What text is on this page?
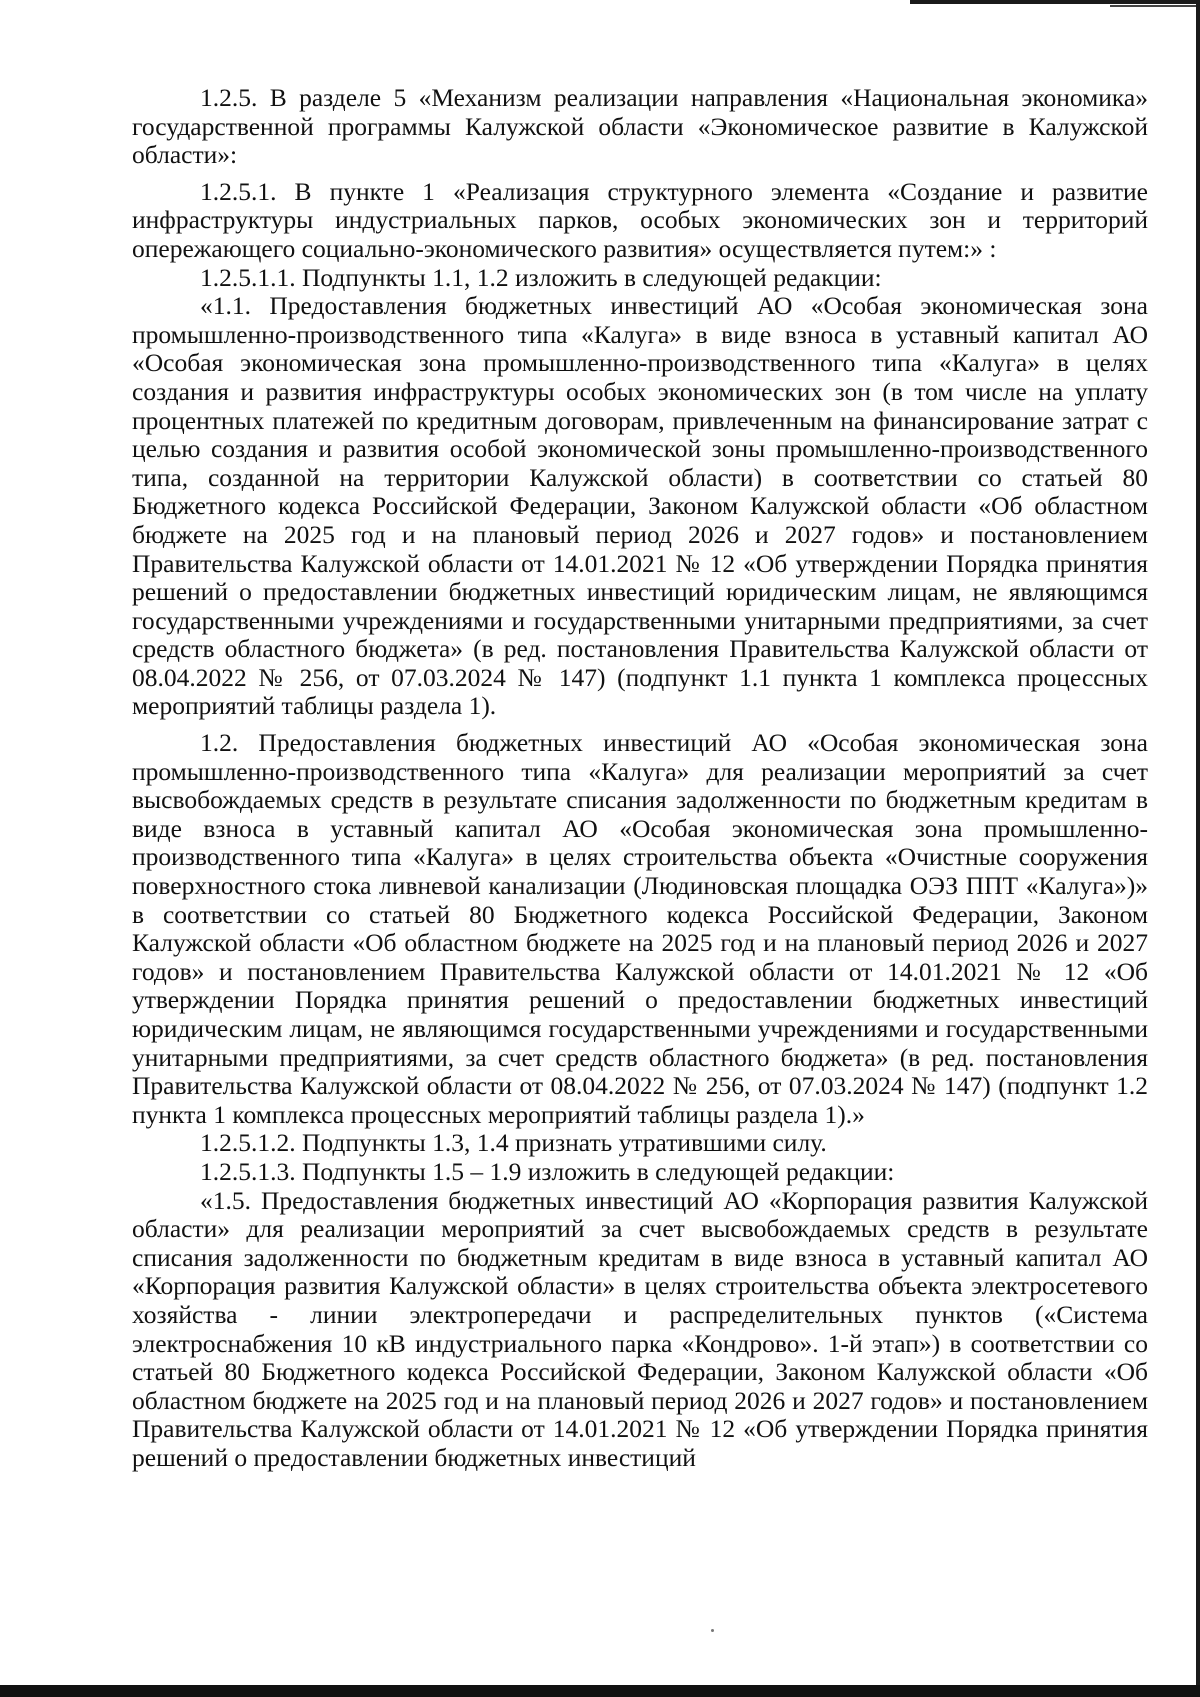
1.2.5. В разделе 5 «Механизм реализации направления «Национальная экономика» государственной программы Калужской области «Экономическое развитие в Калужской области»:

1.2.5.1. В пункте 1 «Реализация структурного элемента «Создание и развитие инфраструктуры индустриальных парков, особых экономических зон и территорий опережающего социально-экономического развития» осуществляется путем:» :

1.2.5.1.1. Подпункты 1.1, 1.2 изложить в следующей редакции:

«1.1. Предоставления бюджетных инвестиций АО «Особая экономическая зона промышленно-производственного типа «Калуга» в виде взноса в уставный капитал АО «Особая экономическая зона промышленно-производственного типа «Калуга» в целях создания и развития инфраструктуры особых экономических зон (в том числе на уплату процентных платежей по кредитным договорам, привлеченным на финансирование затрат с целью создания и развития особой экономической зоны промышленно-производственного типа, созданной на территории Калужской области) в соответствии со статьей 80 Бюджетного кодекса Российской Федерации, Законом Калужской области «Об областном бюджете на 2025 год и на плановый период 2026 и 2027 годов» и постановлением Правительства Калужской области от 14.01.2021 № 12 «Об утверждении Порядка принятия решений о предоставлении бюджетных инвестиций юридическим лицам, не являющимся государственными учреждениями и государственными унитарными предприятиями, за счет средств областного бюджета» (в ред. постановления Правительства Калужской области от 08.04.2022 № 256, от 07.03.2024 № 147) (подпункт 1.1 пункта 1 комплекса процессных мероприятий таблицы раздела 1).

1.2. Предоставления бюджетных инвестиций АО «Особая экономическая зона промышленно-производственного типа «Калуга» для реализации мероприятий за счет высвобождаемых средств в результате списания задолженности по бюджетным кредитам в виде взноса в уставный капитал АО «Особая экономическая зона промышленно-производственного типа «Калуга» в целях строительства объекта «Очистные сооружения поверхностного стока ливневой канализации (Людиновская площадка ОЭЗ ППТ «Калуга»)» в соответствии со статьей 80 Бюджетного кодекса Российской Федерации, Законом Калужской области «Об областном бюджете на 2025 год и на плановый период 2026 и 2027 годов» и постановлением Правительства Калужской области от 14.01.2021 № 12 «Об утверждении Порядка принятия решений о предоставлении бюджетных инвестиций юридическим лицам, не являющимся государственными учреждениями и государственными унитарными предприятиями, за счет средств областного бюджета» (в ред. постановления Правительства Калужской области от 08.04.2022 № 256, от 07.03.2024 № 147) (подпункт 1.2 пункта 1 комплекса процессных мероприятий таблицы раздела 1).»

1.2.5.1.2. Подпункты 1.3, 1.4 признать утратившими силу.

1.2.5.1.3. Подпункты 1.5 – 1.9 изложить в следующей редакции:

«1.5. Предоставления бюджетных инвестиций АО «Корпорация развития Калужской области» для реализации мероприятий за счет высвобождаемых средств в результате списания задолженности по бюджетным кредитам в виде взноса в уставный капитал АО «Корпорация развития Калужской области» в целях строительства объекта электросетевого хозяйства - линии электропередачи и распределительных пунктов («Система электроснабжения 10 кВ индустриального парка «Кондрово». 1-й этап») в соответствии со статьей 80 Бюджетного кодекса Российской Федерации, Законом Калужской области «Об областном бюджете на 2025 год и на плановый период 2026 и 2027 годов» и постановлением Правительства Калужской области от 14.01.2021 № 12 «Об утверждении Порядка принятия решений о предоставлении бюджетных инвестиций
